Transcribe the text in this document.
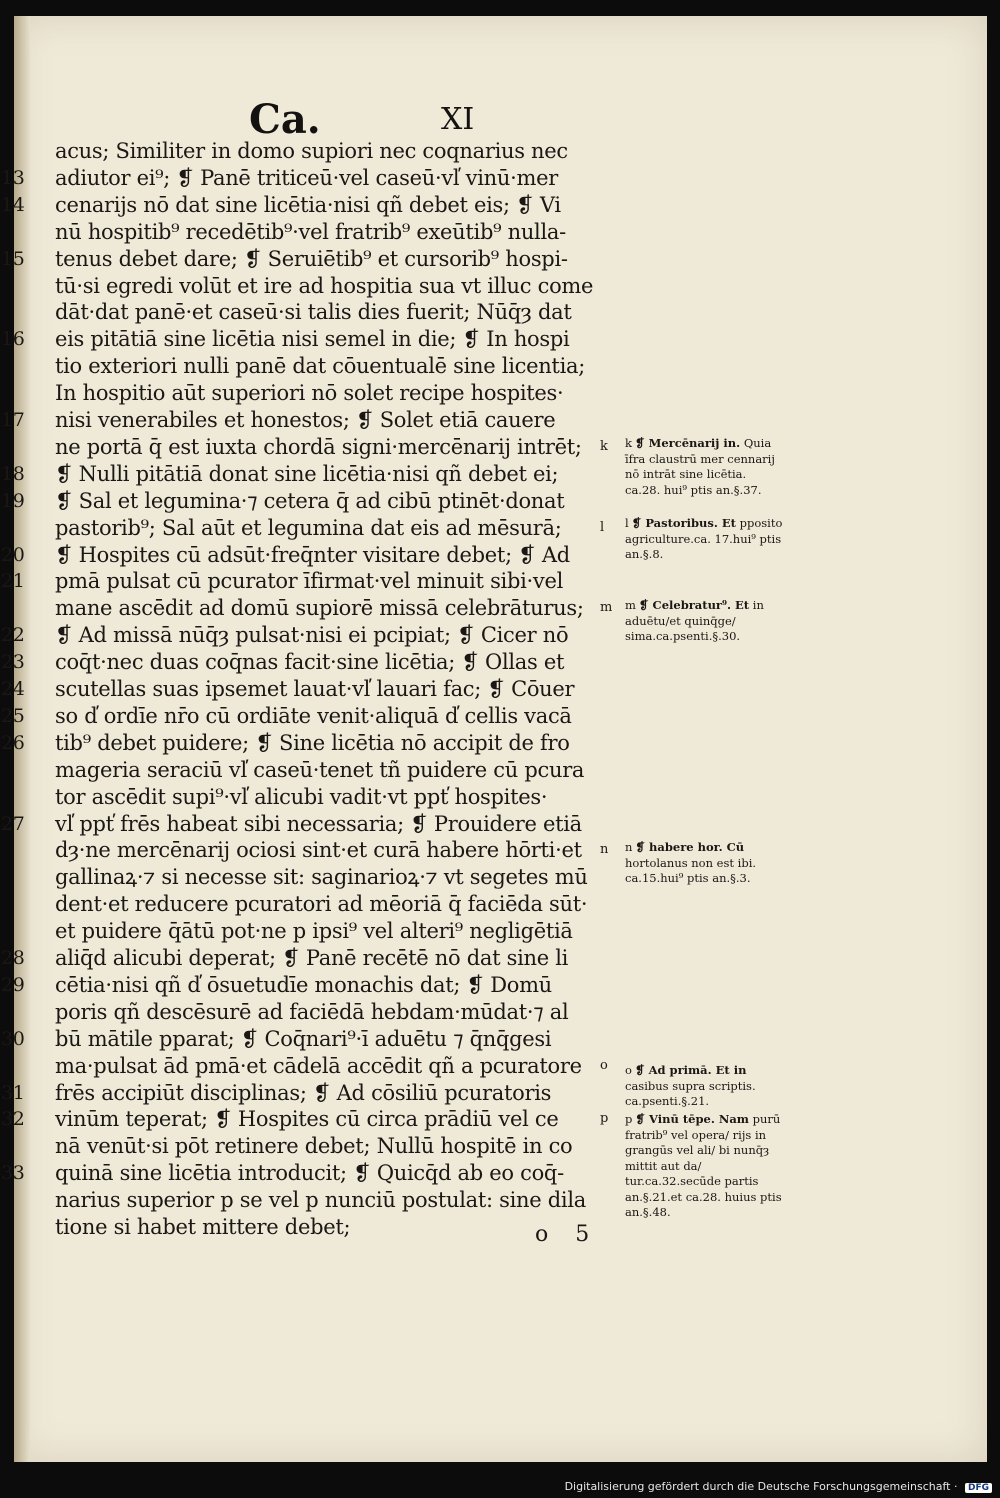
Ca.	XI
acus; Similiter in domo supiori nec coqnarius nec
13	adiutor ei⁹; ❡ Panē triticeū·vel caseū·vl̕ vinū·mer
14	cenarijs nō dat sine licētia·nisi qñ debet eis; ❡ Vi
nū hospitib⁹ recedētib⁹·vel fratrib⁹ exeūtib⁹ nulla-
15	tenus debet dare; ❡ Seruiētib⁹ et cursorib⁹ hospi-
tū·si egredi volūt et ire ad hospitia sua vt illuc come
dāt·dat panē·et caseū·si talis dies fuerit; Nūq̄ȝ dat
16	eis pitātiā sine licētia nisi semel in die; ❡ In hospi
tio exteriori nulli panē dat cōuentualē sine licentia;
In hospitio aūt superiori nō solet recipe hospites·
17	nisi venerabiles et honestos; ❡ Solet etiā cauere
ne portā q̄ est iuxta chordā signi·mercēnarij intrēt; k
18	❡ Nulli pitātiā donat sine licētia·nisi qñ debet ei;
19	❡ Sal et legumina·⁊ cetera q̄ ad cibū ptinēt·donat
pastorib⁹; Sal aūt et legumina dat eis ad mēsurā;	l
20	❡ Hospites cū adsūt·freq̄nter visitare debet; ❡ Ad
21	pmā pulsat cū pcurator īfirmat·vel minuit sibi·vel
mane ascēdit ad domū supiorē missā celebrāturus; m
22	❡ Ad missā nūq̄ȝ pulsat·nisi ei pcipiat; ❡ Cicer nō
23	coq̄t·nec duas coq̄nas facit·sine licētia; ❡ Ollas et
24	scutellas suas ipsemet lauat·vl̕ lauari fac; ❡ Cōuer
25	so d̕ ordīe nr̄o cū ordiāte venit·aliquā d̕ cellis vacā
26	tib⁹ debet puidere; ❡ Sine licētia nō accipit de fro
mageria seraciū vl̕ caseū·tenet tñ puidere cū pcura
tor ascēdit supi⁹·vl̕ alicubi vadit·vt ppt̕ hospites·
27	vl̕ ppt̕ frēs habeat sibi necessaria; ❡ Prouidere etiā
dȝ·ne mercēnarij ociosi sint·et curā habere hōrti·et n
gallinaꝝ·⁊ si necesse sit: saginarioꝝ·⁊ vt segetes mū
dent·et reducere pcuratori ad mēoriā q̄ faciēda sūt·
et puidere q̄ātū pot·ne p ipsi⁹ vel alteri⁹ negligētiā
28	aliq̄d alicubi deperat; ❡ Panē recētē nō dat sine li
29	cētia·nisi qñ d̕ ōsuetudīe monachis dat; ❡ Domū
poris qñ descēsurē ad faciēdā hebdam·mūdat·⁊ al
30	bū mātile pparat; ❡ Coq̄nari⁹·ī aduētu ⁊ q̄nq̄gesi
ma·pulsat ād pmā·et cādelā accēdit qñ a pcuratore o
31	frēs accipiūt disciplinas; ❡ Ad cōsiliū pcuratoris
32	vinūm teperat; ❡ Hospites cū circa prādiū vel ce	p
nā venūt·si pōt retinere debet; Nullū hospitē in co
33	quinā sine licētia introducit; ❡ Quicq̄d ab eo coq̄-
narius superior p se vel p nunciū postulat: sine dila
tione si habet mittere debet;
k ❡ Mercēnarij in. Quia īfra claustrū mer cennarij nō intrāt sine licētia. ca.28. hui⁹ ptis an.§.37.
l ❡ Pastoribus. Et pposito agriculture.ca. 17.hui⁹ ptis an.§.8.
m ❡ Celebratur⁹. Et in aduētu/et quinq̄ge/ sima.ca.psenti.§.30.
n ❡ habere hor. Cū hortolanus non est ibi. ca.15.hui⁹ ptis an.§.3.
o ❡ Ad primā. Et in casibus supra scriptis. ca.psenti.§.21.
p ❡ Vinū tēpe. Nam purū fratrib⁹ vel opera/ rijs in grangūs vel ali/ bi nunq̄ȝ mittit aut da/ tur.ca.32.secūde partis an.§.21.et ca.28. huius ptis an.§.48.
o 5
Digitalisierung gefördert durch die Deutsche Forschungsgemeinschaft · DFG
